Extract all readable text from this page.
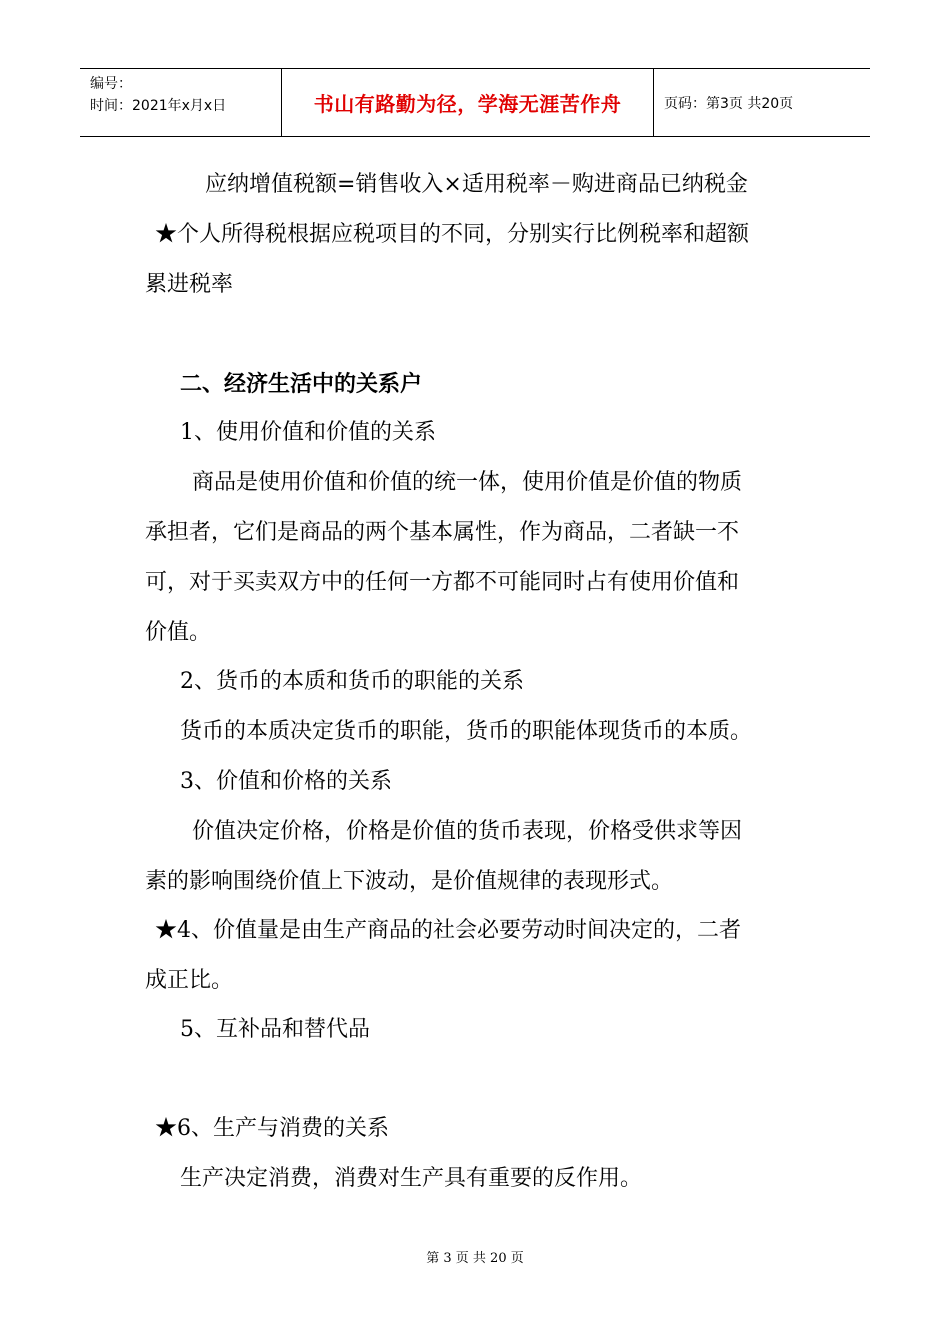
编号：
时间：2021年x月x日	书山有路勤为径，学海无涯苦作舟	页码：第3页 共20页
应纳增值税额=销售收入×适用税率－购进商品已纳税金
★个人所得税根据应税项目的不同，分别实行比例税率和超额
累进税率
二、经济生活中的关系户
1、使用价值和价值的关系
商品是使用价值和价值的统一体，使用价值是价值的物质
承担者，它们是商品的两个基本属性，作为商品，二者缺一不
可，对于买卖双方中的任何一方都不可能同时占有使用价值和
价值。
2、货币的本质和货币的职能的关系
货币的本质决定货币的职能，货币的职能体现货币的本质。
3、价值和价格的关系
价值决定价格，价格是价值的货币表现，价格受供求等因
素的影响围绕价值上下波动，是价值规律的表现形式。
★4、价值量是由生产商品的社会必要劳动时间决定的，二者
成正比。
5、互补品和替代品
★6、生产与消费的关系
生产决定消费，消费对生产具有重要的反作用。
第 3 页 共 20 页
